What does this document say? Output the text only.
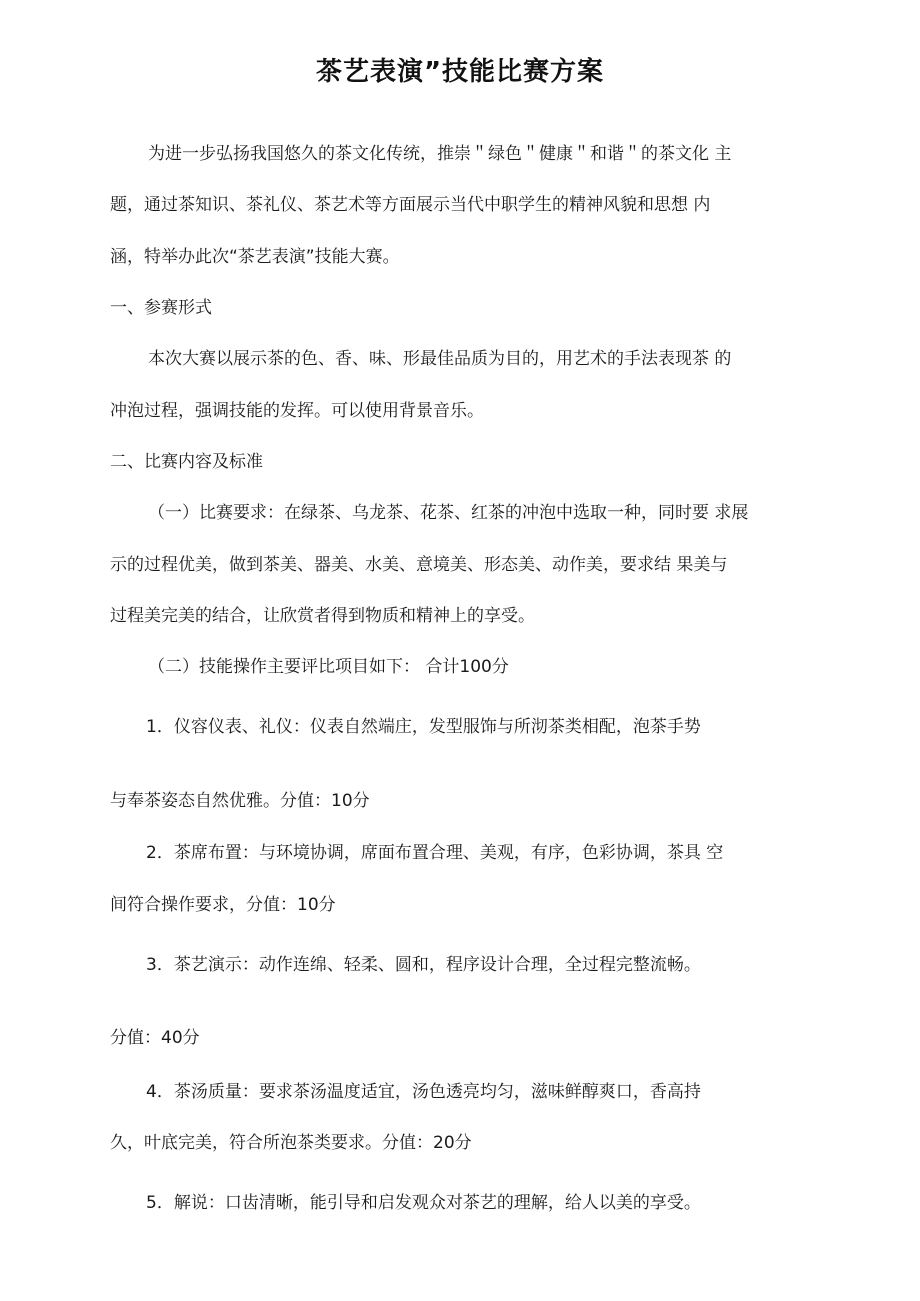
茶艺表演”技能比赛方案
为进一步弘扬我国悠久的茶文化传统，推崇＂绿色＂健康＂和谐＂的茶文化 主
题，通过茶知识、茶礼仪、茶艺术等方面展示当代中职学生的精神风貌和思想 内
涵，特举办此次“茶艺表演”技能大赛。
一、参赛形式
本次大赛以展示茶的色、香、味、形最佳品质为目的，用艺术的手法表现茶 的
冲泡过程，强调技能的发挥。可以使用背景音乐。
二、比赛内容及标准
（一）比赛要求：在绿茶、乌龙茶、花茶、红茶的冲泡中选取一种，同时要 求展
示的过程优美，做到茶美、器美、水美、意境美、形态美、动作美，要求结 果美与
过程美完美的结合，让欣赏者得到物质和精神上的享受。
（二）技能操作主要评比项目如下： 合计100分
1．仪容仪表、礼仪：仪表自然端庄，发型服饰与所沏茶类相配，泡茶手势
与奉茶姿态自然优雅。分值：10分
2．茶席布置：与环境协调，席面布置合理、美观，有序，色彩协调，茶具 空
间符合操作要求，分值：10分
3．茶艺演示：动作连绵、轻柔、圆和，程序设计合理，全过程完整流畅。
分值：40分
4．茶汤质量：要求茶汤温度适宜，汤色透亮均匀，滋味鲜醇爽口，香高持
久，叶底完美，符合所泡茶类要求。分值：20分
5．解说：口齿清晰，能引导和启发观众对茶艺的理解，给人以美的享受。
